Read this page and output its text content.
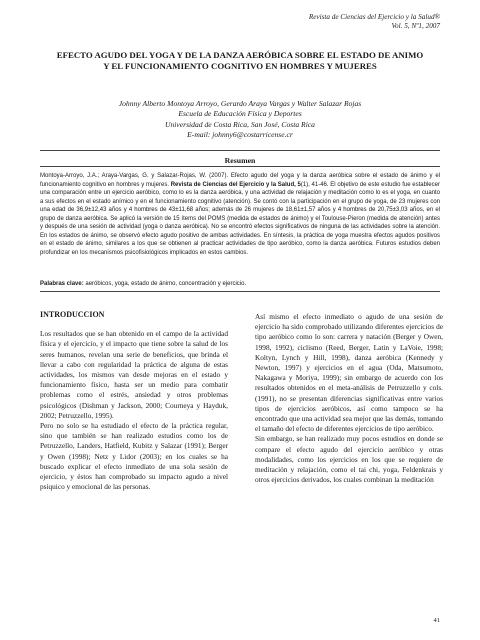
Revista de Ciencias del Ejercicio y la Salud®
Vol. 5, Nº1, 2007
EFECTO AGUDO DEL YOGA Y DE LA DANZA AERÓBICA SOBRE EL ESTADO DE ANIMO Y EL FUNCIONAMIENTO COGNITIVO EN HOMBRES Y MUJERES
Johnny Alberto Montoya Arroyo, Gerardo Araya Vargas y Walter Salazar Rojas
Escuela de Educación Física y Deportes
Universidad de Costa Rica, San José, Costa Rica
E-mail: johnny6@costarricense.cr
Resumen
Montoya-Arroyo, J.A.; Araya-Vargas, G. y Salazar-Rojas, W. (2007). Efecto agudo del yoga y la danza aeróbica sobre el estado de ánimo y el funcionamiento cognitivo en hombres y mujeres. Revista de Ciencias del Ejercicio y la Salud, 5(1), 41-46. El objetivo de este estudio fue establecer una comparación entre un ejercicio aeróbico, como lo es la danza aeróbica, y una actividad de relajación y meditación como lo es el yoga, en cuanto a sus efectos en el estado anímico y en el funcionamiento cognitivo (atención). Se contó con la participación en el grupo de yoga, de 23 mujeres con una edad de 36,9±12,43 años y 4 hombres de 43±11,68 años; además de 26 mujeres de 18,61±1,57 años y 4 hombres de 20,75±3,03 años, en el grupo de danza aeróbica. Se aplicó la versión de 15 ítems del POMS (medida de estados de ánimo) y el Toulouse-Pieron (medida de atención) antes y después de una sesión de actividad (yoga o danza aeróbica). No se encontró efectos significativos de ninguna de las actividades sobre la atención. En los estados de ánimo, se observó efecto agudo positivo de ambas actividades. En síntesis, la práctica de yoga muestra efectos agudos positivos en el estado de ánimo, similares a los que se obtienen al practicar actividades de tipo aeróbico, como la danza aeróbica. Futuros estudios deben profundizar en los mecanismos psicofisiológicos implicados en estos cambios.
Palabras clave: aeróbicos, yoga, estado de ánimo, concentración y ejercicio.

INTRODUCCION

Los resultados que se han obtenido en el campo de la actividad física y el ejercicio, y el impacto que tiene sobre la salud de los seres humanos, revelan una serie de beneficios, que brinda el llevar a cabo con regularidad la práctica de alguna de estas actividades, los mismos van desde mejoras en el estado y funcionamiento físico, hasta ser un medio para combatir problemas como el estrés, ansiedad y otros problemas psicológicos (Dishman y Jackson, 2000; Courneya y Hayduk, 2002; Petruzzello, 1995).

Pero no solo se ha estudiado el efecto de la práctica regular, sino que también se han realizado estudios como los de Petruzzello, Landers, Hatfield, Kubitz y Salazar (1991); Berger y Owen (1998); Netz y Lidor (2003); en los cuales se ha buscado explicar el efecto inmediato de una sola sesión de ejercicio, y éstos han comprobado su impacto agudo a nivel psíquico y emocional de las personas.

Así mismo el efecto inmediato o agudo de una sesión de ejercicio ha sido comprobado utilizando diferentes ejercicios de tipo aeróbico como lo son: carrera y natación (Berger y Owen, 1998, 1992), ciclismo (Reed, Berger, Latin y LaVoie, 1998; Koltyn, Lynch y Hill, 1998), danza aeróbica (Kennedy y Newton, 1997) y ejercicios en el agua (Oda, Matsumoto, Nakagawa y Moriya, 1999); sin embargo de acuerdo con los resultados obtenidos en el meta-análisis de Petruzzello y cols. (1991), no se presentan diferencias significativas entre varios tipos de ejercicios aeróbicos, así como tampoco se ha encontrado que una actividad sea mejor que las demás, tomando el tamaño del efecto de diferentes ejercicios de tipo aeróbico.

Sin embargo, se han realizado muy pocos estudios en donde se compare el efecto agudo del ejercicio aeróbico y otras modalidades, como los ejercicios en los que se requiere de meditación y relajación, como el tai chi, yoga, Feldenkrais y otros ejercicios derivados, los cuales combinan la meditación

41
